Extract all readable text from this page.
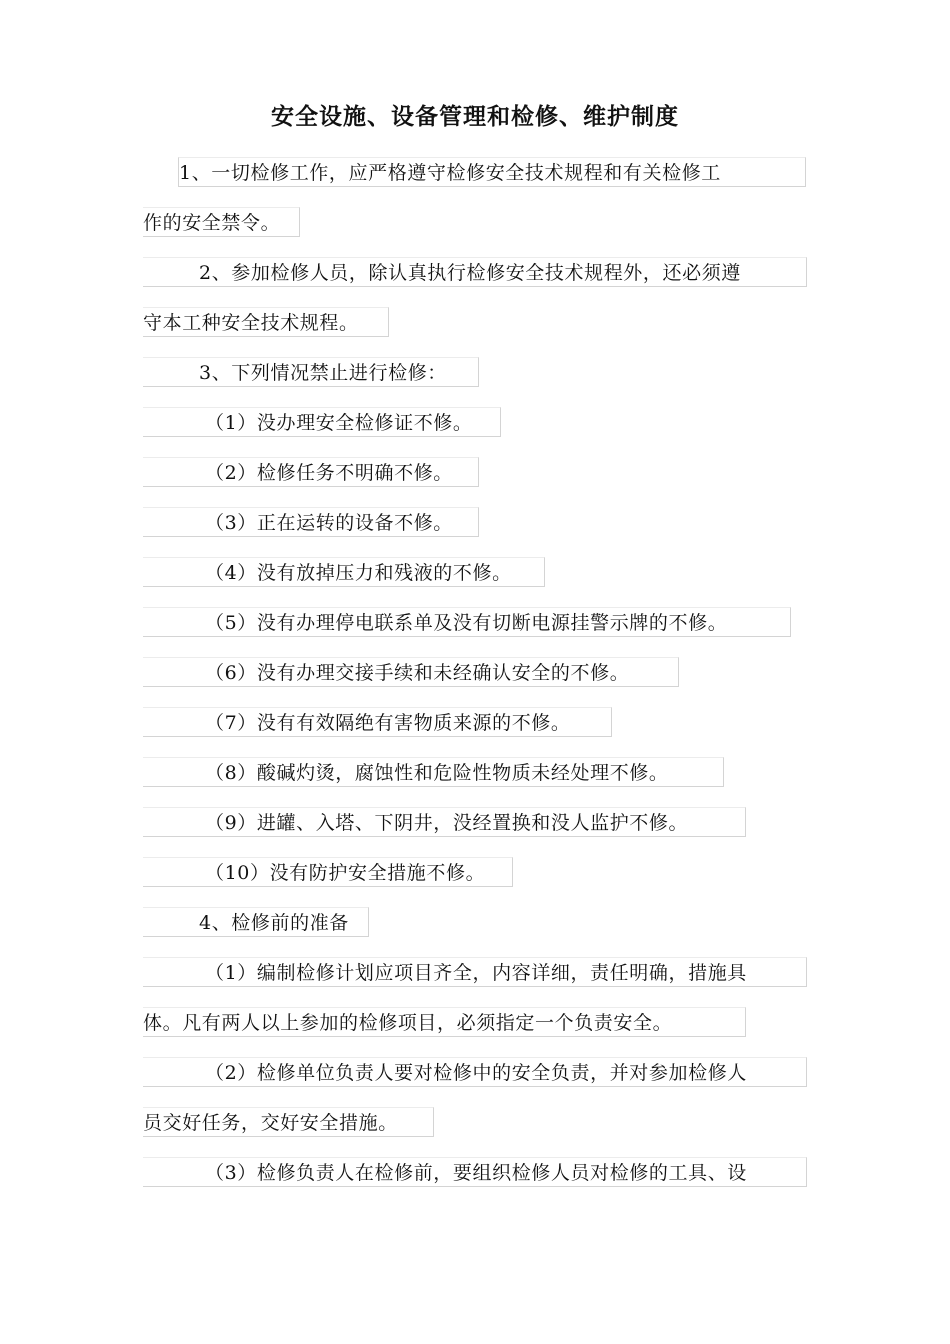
安全设施、设备管理和检修、维护制度
1、一切检修工作，应严格遵守检修安全技术规程和有关检修工
作的安全禁令。
2、参加检修人员，除认真执行检修安全技术规程外，还必须遵
守本工种安全技术规程。
3、下列情况禁止进行检修：
（1）没办理安全检修证不修。
（2）检修任务不明确不修。
（3）正在运转的设备不修。
（4）没有放掉压力和残液的不修。
（5）没有办理停电联系单及没有切断电源挂警示牌的不修。
（6）没有办理交接手续和未经确认安全的不修。
（7）没有有效隔绝有害物质来源的不修。
（8）酸碱灼烫，腐蚀性和危险性物质未经处理不修。
（9）进罐、入塔、下阴井，没经置换和没人监护不修。
（10）没有防护安全措施不修。
4、检修前的准备
（1）编制检修计划应项目齐全，内容详细，责任明确，措施具
体。凡有两人以上参加的检修项目，必须指定一个负责安全。
（2）检修单位负责人要对检修中的安全负责，并对参加检修人
员交好任务，交好安全措施。
（3）检修负责人在检修前，要组织检修人员对检修的工具、设
